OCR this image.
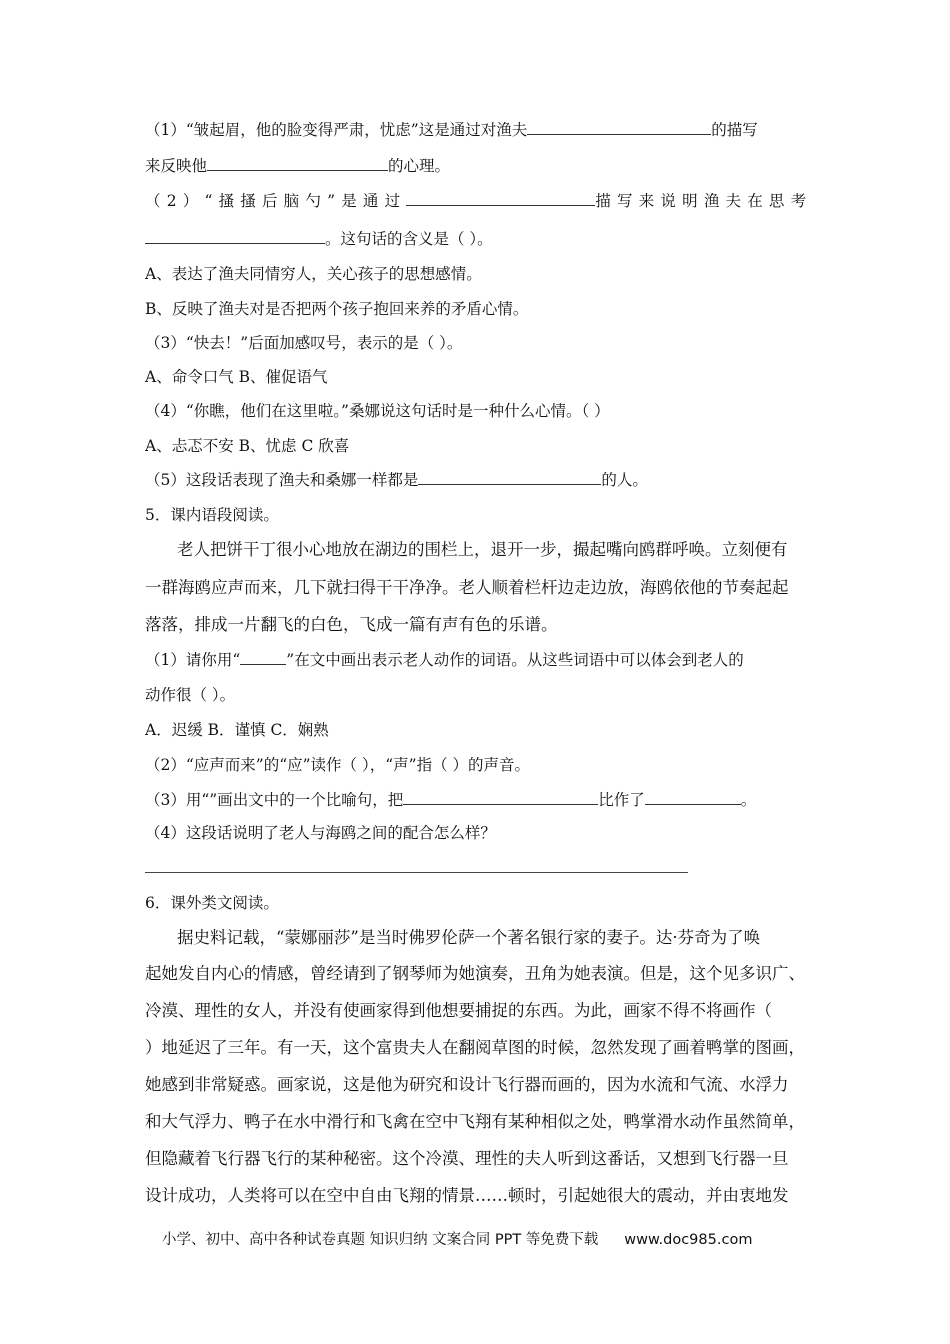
（1）“皱起眉，他的脸变得严肃，忧虑”这是通过对渔夫	的描写
来反映他	的心理。
（2）“搔搔后脑勺”是通过	描写来说明渔夫在思考
。这句话的含义是（ ）。
A、表达了渔夫同情穷人，关心孩子的思想感情。
B、反映了渔夫对是否把两个孩子抱回来养的矛盾心情。
（3）“快去！”后面加感叹号，表示的是（ ）。
A、命令口气 B、催促语气
（4）“你瞧，他们在这里啦。”桑娜说这句话时是一种什么心情。（ ）
A、忐忑不安 B、忧虑 C 欣喜
（5）这段话表现了渔夫和桑娜一样都是	的人。
5．课内语段阅读。
老人把饼干丁很小心地放在湖边的围栏上，退开一步，撮起嘴向鸥群呼唤。立刻便有
一群海鸥应声而来，几下就扫得干干净净。老人顺着栏杆边走边放，海鸥依他的节奏起起
落落，排成一片翻飞的白色，飞成一篇有声有色的乐谱。
（1）请你用“	”在文中画出表示老人动作的词语。从这些词语中可以体会到老人的
动作很（ ）。
A．迟缓 B．谨慎 C．娴熟
（2）“应声而来”的“应”读作（ ），“声”指（ ）的声音。
（3）用“”画出文中的一个比喻句，把	比作了	。
（4）这段话说明了老人与海鸥之间的配合怎么样？
6．课外类文阅读。
据史料记载，“蒙娜丽莎”是当时佛罗伦萨一个著名银行家的妻子。达·芬奇为了唤
起她发自内心的情感，曾经请到了钢琴师为她演奏，丑角为她表演。但是，这个见多识广、
冷漠、理性的女人，并没有使画家得到他想要捕捉的东西。为此，画家不得不将画作（
）地延迟了三年。有一天，这个富贵夫人在翻阅草图的时候，忽然发现了画着鸭掌的图画，
她感到非常疑惑。画家说，这是他为研究和设计飞行器而画的，因为水流和气流、水浮力
和大气浮力、鸭子在水中滑行和飞禽在空中飞翔有某种相似之处，鸭掌滑水动作虽然简单，
但隐藏着飞行器飞行的某种秘密。这个冷漠、理性的夫人听到这番话，又想到飞行器一旦
设计成功，人类将可以在空中自由飞翔的情景……顿时，引起她很大的震动，并由衷地发
小学、初中、高中各种试卷真题 知识归纳 文案合同 PPT 等免费下载 www.doc985.com
